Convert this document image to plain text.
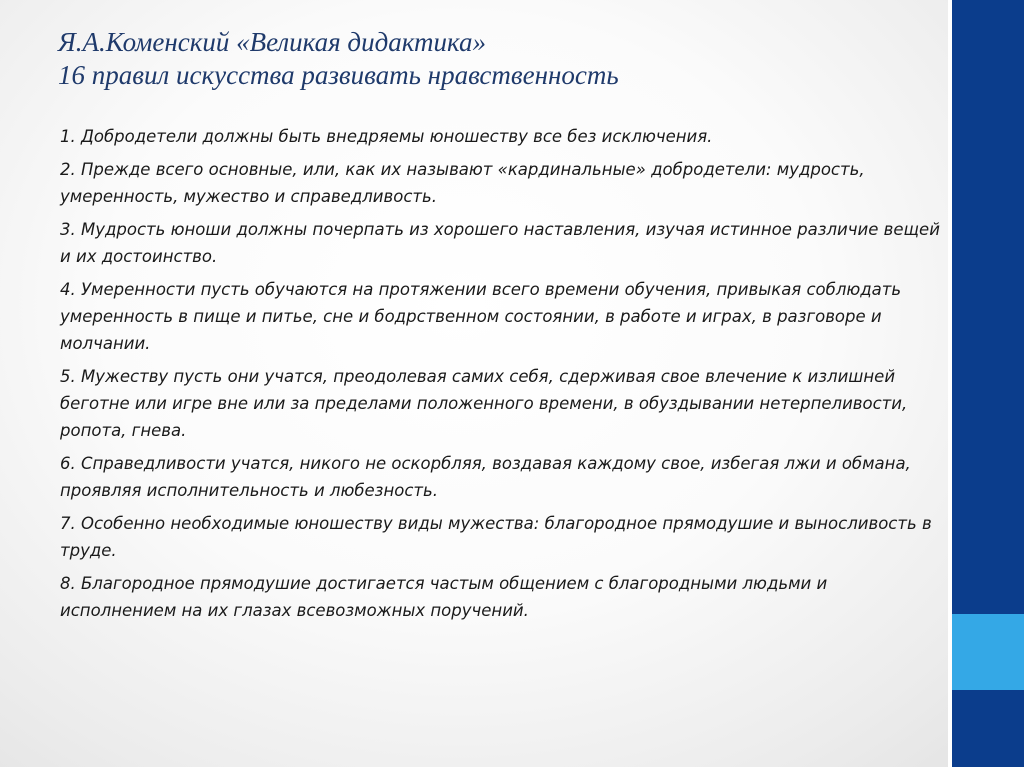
Я.А.Коменский «Великая дидактика»
16 правил искусства развивать нравственность
1. Добродетели должны быть внедряемы юношеству все без исключения.
2. Прежде всего основные, или, как их называют «кардинальные» добродетели: мудрость, умеренность, мужество и справедливость.
3. Мудрость юноши должны почерпать из хорошего наставления, изучая истинное различие вещей и их достоинство.
4. Умеренности пусть обучаются на протяжении всего времени обучения, привыкая соблюдать умеренность в пище и питье, сне и бодрственном состоянии, в работе и играх, в разговоре и молчании.
5. Мужеству пусть они учатся, преодолевая самих себя, сдерживая свое влечение к излишней беготне или игре вне или за пределами положенного времени, в обуздывании нетерпеливости, ропота, гнева.
6. Справедливости учатся, никого не оскорбляя, воздавая каждому свое, избегая лжи и обмана, проявляя исполнительность и любезность.
7. Особенно необходимые юношеству виды мужества: благородное прямодушие и выносливость в труде.
8. Благородное прямодушие достигается частым общением с благородными людьми и исполнением на их глазах всевозможных поручений.
